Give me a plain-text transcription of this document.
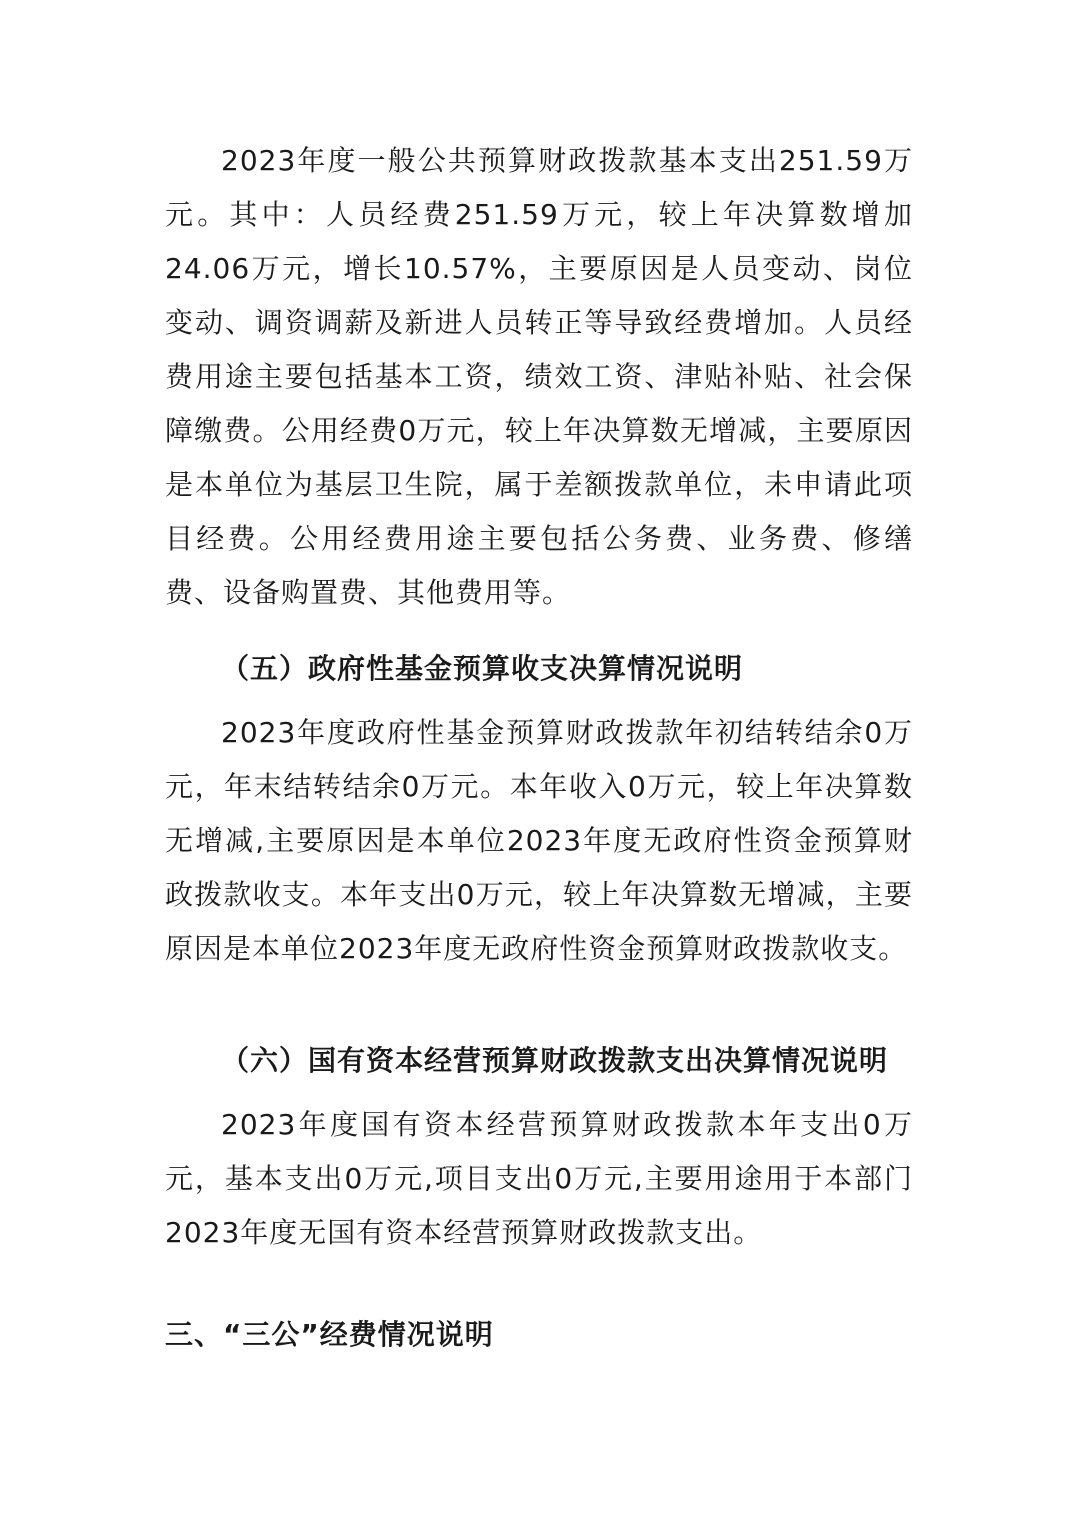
2023年度一般公共预算财政拨款基本支出251.59万元。其中：人员经费251.59万元，较上年决算数增加24.06万元，增长10.57%，主要原因是人员变动、岗位变动、调资调薪及新进人员转正等导致经费增加。人员经费用途主要包括基本工资，绩效工资、津贴补贴、社会保障缴费。公用经费0万元，较上年决算数无增减，主要原因是本单位为基层卫生院，属于差额拨款单位，未申请此项目经费。公用经费用途主要包括公务费、业务费、修缮费、设备购置费、其他费用等。

（五）政府性基金预算收支决算情况说明

2023年度政府性基金预算财政拨款年初结转结余0万元，年末结转结余0万元。本年收入0万元，较上年决算数无增减,主要原因是本单位2023年度无政府性资金预算财政拨款收支。本年支出0万元，较上年决算数无增减，主要原因是本单位2023年度无政府性资金预算财政拨款收支。

（六）国有资本经营预算财政拨款支出决算情况说明

2023年度国有资本经营预算财政拨款本年支出0万元，基本支出0万元,项目支出0万元,主要用途用于本部门2023年度无国有资本经营预算财政拨款支出。

三、“三公”经费情况说明
